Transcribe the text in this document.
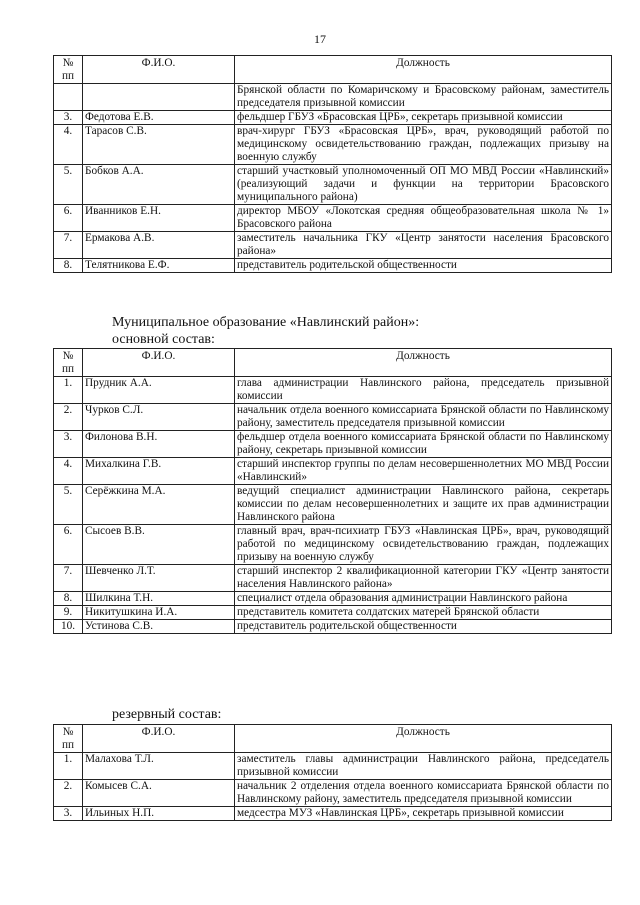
17
№ пп	Ф.И.О.	Должность
		Брянской области по Комаричскому и Брасовскому районам, заместитель председателя призывной комиссии
3.	Федотова Е.В.	фельдшер ГБУЗ «Брасовская ЦРБ», секретарь призывной комиссии
4.	Тарасов С.В.	врач-хирург ГБУЗ «Брасовская ЦРБ», врач, руководящий работой по медицинскому освидетельствованию граждан, подлежащих призыву на военную службу
5.	Бобков А.А.	старший участковый уполномоченный ОП МО МВД России «Навлинский» (реализующий задачи и функции на территории Брасовского муниципального района)
6.	Иванников Е.Н.	директор МБОУ «Локотская средняя общеобразовательная школа № 1» Брасовского района
7.	Ермакова А.В.	заместитель начальника ГКУ «Центр занятости населения Брасовского района»
8.	Телятникова Е.Ф.	представитель родительской общественности
Муниципальное образование «Навлинский район»:
основной состав:
№ пп	Ф.И.О.	Должность
1.	Прудник А.А.	глава администрации Навлинского района, председатель призывной комиссии
2.	Чурков С.Л.	начальник отдела военного комиссариата Брянской области по Навлинскому району, заместитель председателя призывной комиссии
3.	Филонова В.Н.	фельдшер отдела военного комиссариата Брянской области по Навлинскому району, секретарь призывной комиссии
4.	Михалкина Г.В.	старший инспектор группы по делам несовершеннолетних МО МВД России «Навлинский»
5.	Серёжкина М.А.	ведущий специалист администрации Навлинского района, секретарь комиссии по делам несовершеннолетних и защите их прав администрации Навлинского района
6.	Сысоев В.В.	главный врач, врач-психиатр ГБУЗ «Навлинская ЦРБ», врач, руководящий работой по медицинскому освидетельствованию граждан, подлежащих призыву на военную службу
7.	Шевченко Л.Т.	старший инспектор 2 квалификационной категории ГКУ «Центр занятости населения Навлинского района»
8.	Шилкина Т.Н.	специалист отдела образования администрации Навлинского района
9.	Никитушкина И.А.	представитель комитета солдатских матерей Брянской области
10.	Устинова С.В.	представитель родительской общественности
резервный состав:
№ пп	Ф.И.О.	Должность
1.	Малахова Т.Л.	заместитель главы администрации Навлинского района, председатель призывной комиссии
2.	Комысев С.А.	начальник 2 отделения отдела военного комиссариата Брянской области по Навлинскому району, заместитель председателя призывной комиссии
3.	Ильиных Н.П.	медсестра МУЗ «Навлинская ЦРБ», секретарь призывной комиссии
